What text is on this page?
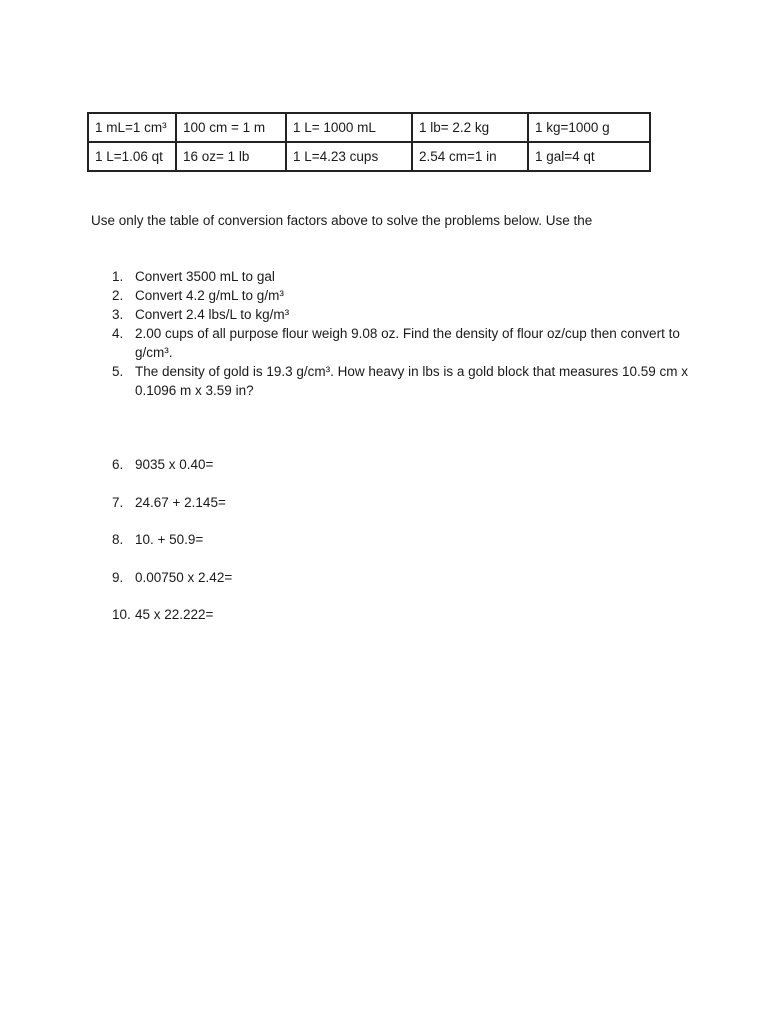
1 mL=1 cm³	100 cm = 1 m	1 L= 1000 mL	1 lb= 2.2 kg	1 kg=1000 g
1 L=1.06 qt	16 oz= 1 lb	1 L=4.23 cups	2.54 cm=1 in	1 gal=4 qt

Use only the table of conversion factors above to solve the problems below. Use the

1. Convert 3500 mL to gal
2. Convert 4.2 g/mL to g/m³
3. Convert 2.4 lbs/L to kg/m³
4. 2.00 cups of all purpose flour weigh 9.08 oz. Find the density of flour oz/cup then convert to g/cm³.
5. The density of gold is 19.3 g/cm³. How heavy in lbs is a gold block that measures 10.59 cm x 0.1096 m x 3.59 in?
6. 9035 x 0.40=
7. 24.67 + 2.145=
8. 10. + 50.9=
9. 0.00750 x 2.42=
10. 45 x 22.222=
